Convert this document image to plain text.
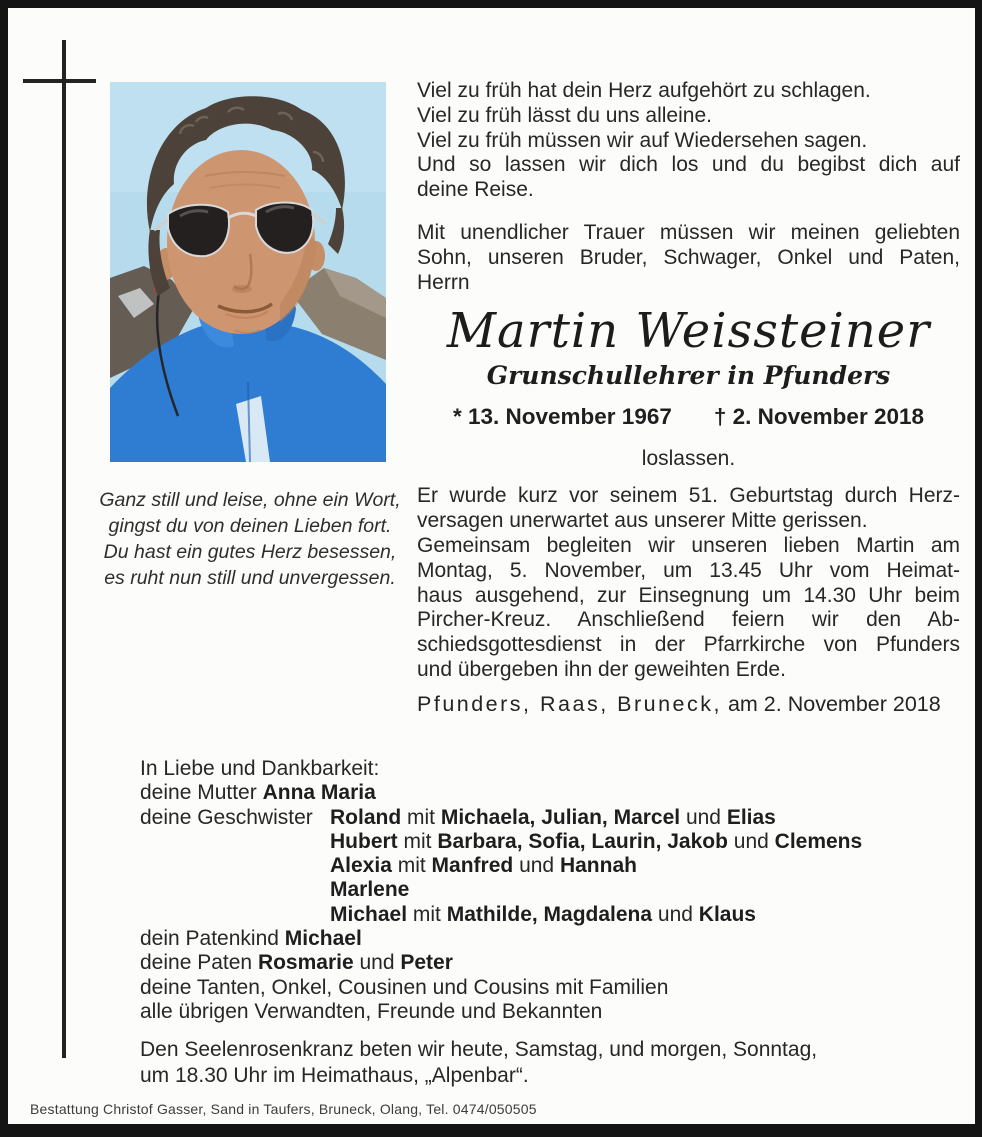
Ganz still und leise, ohne ein Wort,
gingst du von deinen Lieben fort.
Du hast ein gutes Herz besessen,
es ruht nun still und unvergessen.
Viel zu früh hat dein Herz aufgehört zu schlagen.
Viel zu früh lässt du uns alleine.
Viel zu früh müssen wir auf Wiedersehen sagen.
Und so lassen wir dich los und du begibst dich auf
deine Reise.
Mit unendlicher Trauer müssen wir meinen geliebten
Sohn, unseren Bruder, Schwager, Onkel und Paten,
Herrn
Martin Weissteiner
Grunschullehrer in Pfunders
* 13. November 1967 † 2. November 2018
loslassen.
Er wurde kurz vor seinem 51. Geburtstag durch Herz-
versagen unerwartet aus unserer Mitte gerissen.
Gemeinsam begleiten wir unseren lieben Martin am
Montag, 5. November, um 13.45 Uhr vom Heimat-
haus ausgehend, zur Einsegnung um 14.30 Uhr beim
Pircher-Kreuz. Anschließend feiern wir den Ab-
schiedsgottesdienst in der Pfarrkirche von Pfunders
und übergeben ihn der geweihten Erde.
Pfunders, Raas, Bruneck, am 2. November 2018
In Liebe und Dankbarkeit:
deine Mutter Anna Maria
deine Geschwister Roland mit Michaela, Julian, Marcel und Elias
Hubert mit Barbara, Sofia, Laurin, Jakob und Clemens
Alexia mit Manfred und Hannah
Marlene
Michael mit Mathilde, Magdalena und Klaus
dein Patenkind Michael
deine Paten Rosmarie und Peter
deine Tanten, Onkel, Cousinen und Cousins mit Familien
alle übrigen Verwandten, Freunde und Bekannten
Den Seelenrosenkranz beten wir heute, Samstag, und morgen, Sonntag,
um 18.30 Uhr im Heimathaus, „Alpenbar“.
Bestattung Christof Gasser, Sand in Taufers, Bruneck, Olang, Tel. 0474/050505
